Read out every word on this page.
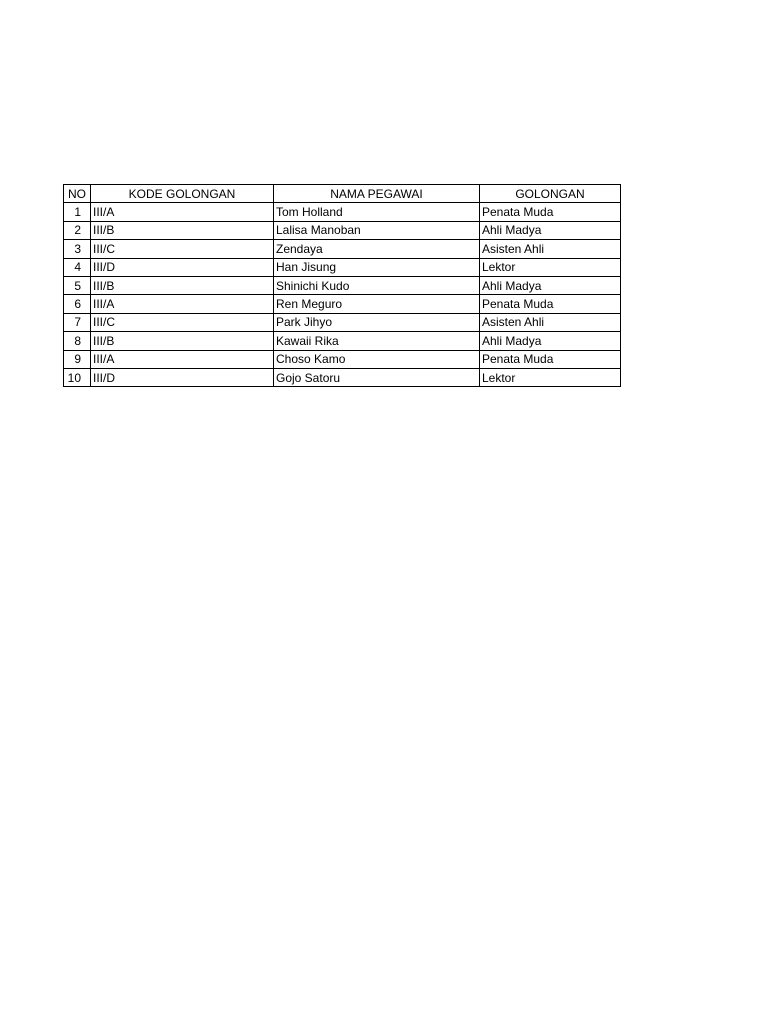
NO	KODE GOLONGAN	NAMA PEGAWAI	GOLONGAN
1	III/A	Tom Holland	Penata Muda
2	III/B	Lalisa Manoban	Ahli Madya
3	III/C	Zendaya	Asisten Ahli
4	III/D	Han Jisung	Lektor
5	III/B	Shinichi Kudo	Ahli Madya
6	III/A	Ren Meguro	Penata Muda
7	III/C	Park Jihyo	Asisten Ahli
8	III/B	Kawaii Rika	Ahli Madya
9	III/A	Choso Kamo	Penata Muda
10	III/D	Gojo Satoru	Lektor
